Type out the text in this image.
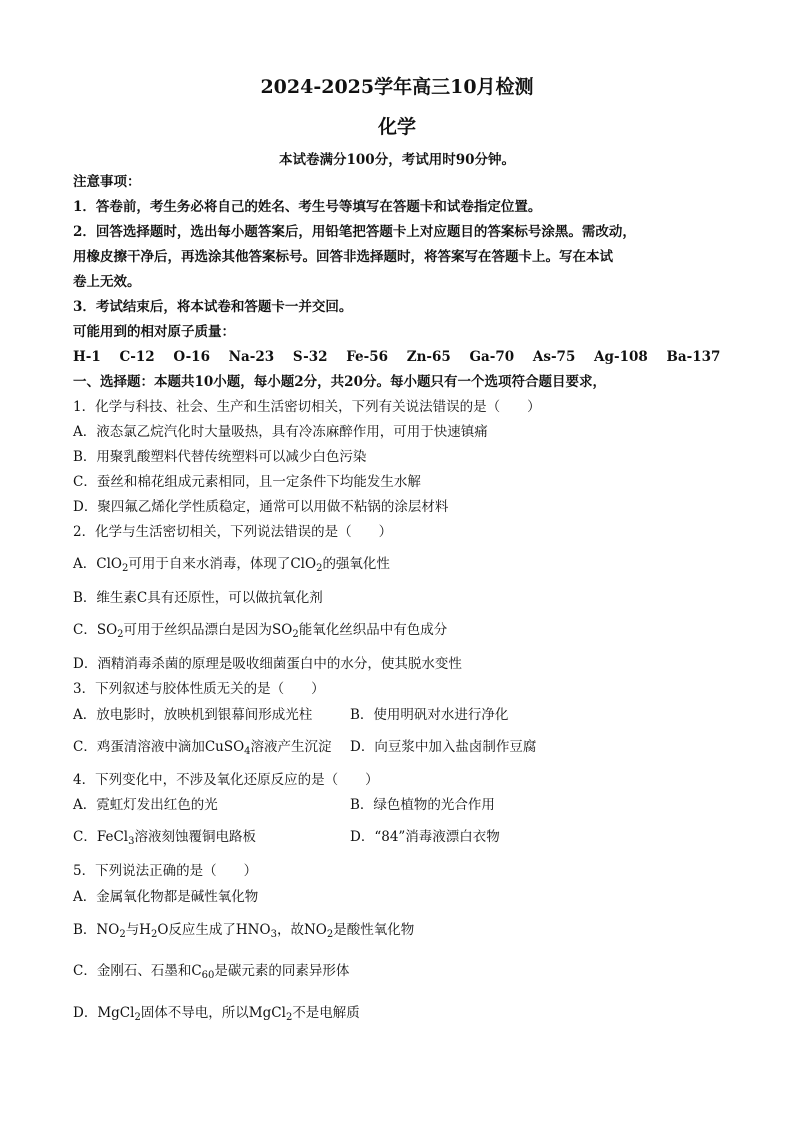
2024-2025学年高三10月检测
化学
本试卷满分100分，考试用时90分钟。
注意事项：
1．答卷前，考生务必将自己的姓名、考生号等填写在答题卡和试卷指定位置。
2．回答选择题时，选出每小题答案后，用铅笔把答题卡上对应题目的答案标号涂黑。需改动，
用橡皮擦干净后，再选涂其他答案标号。回答非选择题时，将答案写在答题卡上。写在本试
卷上无效。
3．考试结束后，将本试卷和答题卡一并交回。
可能用到的相对原子质量：
H-1 C-12 O-16 Na-23 S-32 Fe-56 Zn-65 Ga-70 As-75 Ag-108 Ba-137
一、选择题：本题共10小题，每小题2分，共20分。每小题只有一个选项符合题目要求，
1．化学与科技、社会、生产和生活密切相关，下列有关说法错误的是（　　）
A．液态氯乙烷汽化时大量吸热，具有冷冻麻醉作用，可用于快速镇痛
B．用聚乳酸塑料代替传统塑料可以减少白色污染
C．蚕丝和棉花组成元素相同，且一定条件下均能发生水解
D．聚四氟乙烯化学性质稳定，通常可以用做不粘锅的涂层材料
2．化学与生活密切相关，下列说法错误的是（　　）
A．ClO$_2$可用于自来水消毒，体现了ClO$_2$的强氧化性
B．维生素C具有还原性，可以做抗氧化剂
C．$SO_2$可用于丝织品漂白是因为$SO_2$能氧化丝织品中有色成分
D．酒精消毒杀菌的原理是吸收细菌蛋白中的水分，使其脱水变性
3．下列叙述与胶体性质无关的是（　　）
A．放电影时，放映机到银幕间形成光柱	B．使用明矾对水进行净化
C．鸡蛋清溶液中滴加CuSO$_4$溶液产生沉淀 D．向豆浆中加入盐卤制作豆腐
4．下列变化中，不涉及氧化还原反应的是（　　）
A．霓虹灯发出红色的光	B．绿色植物的光合作用
C．FeCl$_3$溶液刻蚀覆铜电路板	D．“84”消毒液漂白衣物
5．下列说法正确的是（　　）
A．金属氧化物都是碱性氧化物
B．$NO_2$与$H_2O$反应生成了$HNO_3$，故$NO_2$是酸性氧化物
C．金刚石、石墨和$C_{60}$是碳元素的同素异形体
D．MgCl$_2$固体不导电，所以MgCl$_2$不是电解质
